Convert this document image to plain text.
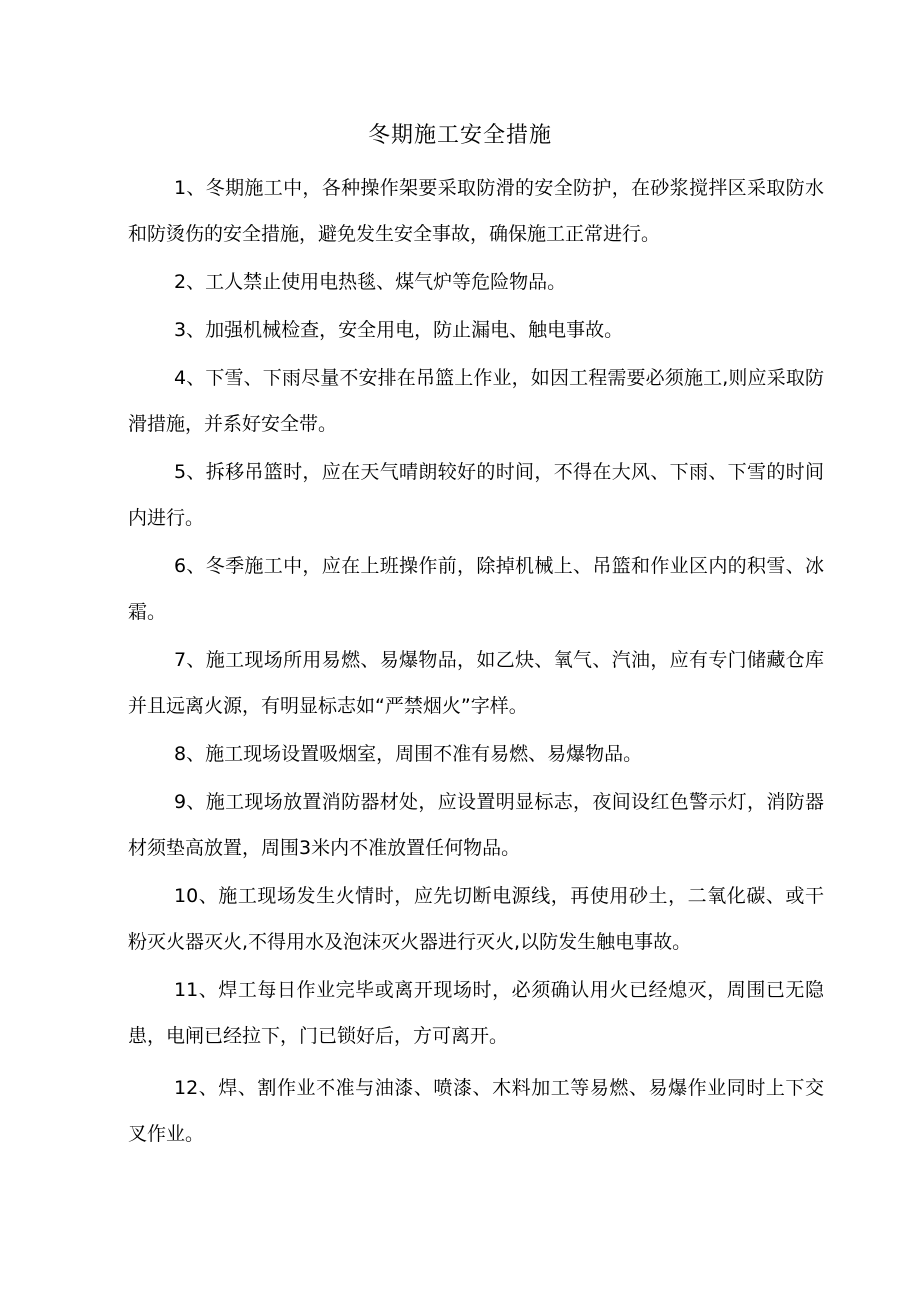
冬期施工安全措施

1、冬期施工中，各种操作架要采取防滑的安全防护，在砂浆搅拌区采取防水和防烫伤的安全措施，避免发生安全事故，确保施工正常进行。

2、工人禁止使用电热毯、煤气炉等危险物品。

3、加强机械检查，安全用电，防止漏电、触电事故。

4、下雪、下雨尽量不安排在吊篮上作业，如因工程需要必须施工,则应采取防滑措施，并系好安全带。

5、拆移吊篮时，应在天气晴朗较好的时间，不得在大风、下雨、下雪的时间内进行。

6、冬季施工中，应在上班操作前，除掉机械上、吊篮和作业区内的积雪、冰霜。

7、施工现场所用易燃、易爆物品，如乙炔、氧气、汽油，应有专门储藏仓库并且远离火源，有明显标志如“严禁烟火”字样。

8、施工现场设置吸烟室，周围不准有易燃、易爆物品。

9、施工现场放置消防器材处，应设置明显标志，夜间设红色警示灯，消防器材须垫高放置，周围3米内不准放置任何物品。

10、施工现场发生火情时，应先切断电源线，再使用砂土，二氧化碳、或干粉灭火器灭火,不得用水及泡沫灭火器进行灭火,以防发生触电事故。

11、焊工每日作业完毕或离开现场时，必须确认用火已经熄灭，周围已无隐患，电闸已经拉下，门已锁好后，方可离开。

12、焊、割作业不准与油漆、喷漆、木料加工等易燃、易爆作业同时上下交叉作业。
